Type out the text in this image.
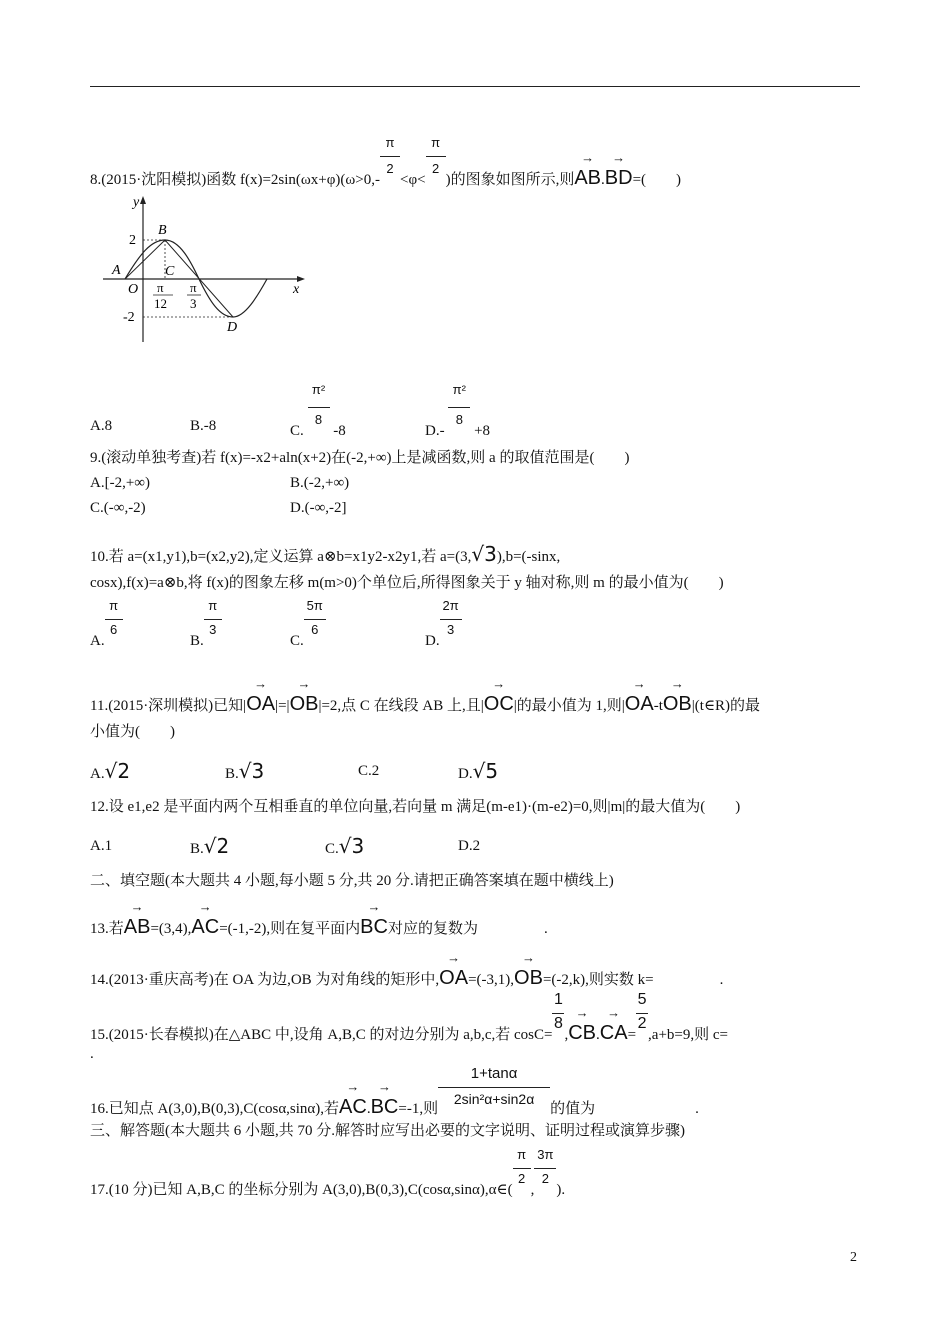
8.(2015·沈阳模拟)函数 $f(x)=2\sin(\omega x+\varphi)(\omega>0,- \frac{\pi}{2} <\varphi< \frac{\pi}{2}$ )的图象如图所示,则
→
AB.
→
BD=(　　)
y
x
2
-2
O
A
B
C
D
π
12
π
3
A.8	B.-8	C. $\frac{\text{π²}}{8} -8$	$D.- \frac{\text{π²}}{8} +8$
9.(滚动单独考查)若 f(x)=-x2+aln(x+2)在(-2,+∞)上是减函数,则 a 的取值范围是(　　)
A.[-2,+∞)	B.(-2,+∞)
C.(-∞,-2)	D.(-∞,-2]
10.若 a=(x1,y1),b=(x2,y2),定义运算 a⊗b=x1y2-x2y1,若 a=(3,√3),b=(-sinx,
cosx),f(x)=a⊗b,将 f(x)的图象左移 m(m>0)个单位后,所得图象关于 y 轴对称,则 m 的最小值为(　　)
A. $\frac{\pi}{6}$	B. $\frac{\pi}{3}$	C. $\frac{5\pi}{6}$	D. $\frac{2\pi}{3}$
11.(2015·深圳模拟)已知|
→
OA|=|
→
OB|=2,点 C 在线段 AB 上,且|
→
OC|的最小值为 1,则|
→
OA-t
→
OB|(t∈R)的最
小值为(　　)
A.√2	B.√3	C.2	D.√5
12.设 e1,e2 是平面内两个互相垂直的单位向量,若向量 m 满足(m-e1)·(m-e2)=0,则|m|的最大值为(　　)
A.1	B.√2	C.√3	D.2
二、填空题(本大题共 4 小题,每小题 5 分,共 20 分.请把正确答案填在题中横线上)
13.若
→
AB=(3,4),
→
AC=(-1,-2),则在复平面内
→
BC对应的复数为	.
14.(2013·重庆高考)在 OA 为边,OB 为对角线的矩形中,
→
OA=(-3,1),
→
OB=(-2,k),则实数 k=	.
15.(2015·长春模拟)在△ABC 中,设角 A,B,C 的对边分别为 a,b,c,若 $\cos C= \frac{1}{8}$ ,
→
CB.
→
$CA= \frac{5}{2} ,a+b=9$,则 c=
.
16.已知点 A(3,0),B(0,3),C(cosα,sinα),若
→
AC.
→
BC=-1,则 $\frac{1+\tan\alpha}{\text{2sin²α+sin2α}}$ 的值为	.
三、解答题(本大题共 6 小题,共 70 分.解答时应写出必要的文字说明、证明过程或演算步骤)
17.(10 分)已知 A,B,C 的坐标分别为 A(3,0),B(0,3),C(cosα,sinα),α∈( $\frac{\pi}{2}$ , $\frac{3\pi}{2}$ ).
2
